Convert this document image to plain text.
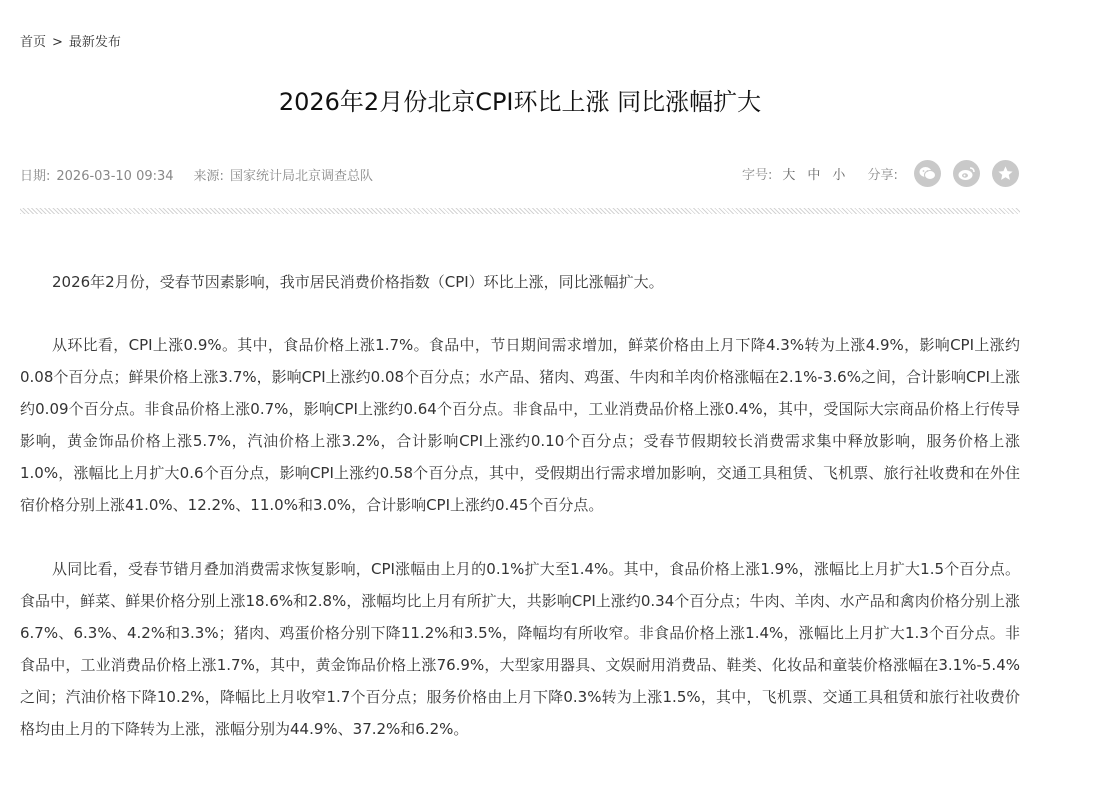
首页 > 最新发布
2026年2月份北京CPI环比上涨 同比涨幅扩大
日期: 2026-03-10 09:34 来源: 国家统计局北京调查总队	字号: 大 中 小 分享:

2026年2月份，受春节因素影响，我市居民消费价格指数（CPI）环比上涨，同比涨幅扩大。

从环比看，CPI上涨0.9%。其中，食品价格上涨1.7%。食品中，节日期间需求增加，鲜菜价格由上月下降4.3%转为上涨4.9%，影响CPI上涨约0.08个百分点；鲜果价格上涨3.7%，影响CPI上涨约0.08个百分点；水产品、猪肉、鸡蛋、牛肉和羊肉价格涨幅在2.1%-3.6%之间，合计影响CPI上涨约0.09个百分点。非食品价格上涨0.7%，影响CPI上涨约0.64个百分点。非食品中，工业消费品价格上涨0.4%，其中，受国际大宗商品价格上行传导影响，黄金饰品价格上涨5.7%，汽油价格上涨3.2%，合计影响CPI上涨约0.10个百分点；受春节假期较长消费需求集中释放影响，服务价格上涨1.0%，涨幅比上月扩大0.6个百分点，影响CPI上涨约0.58个百分点，其中，受假期出行需求增加影响，交通工具租赁、飞机票、旅行社收费和在外住宿价格分别上涨41.0%、12.2%、11.0%和3.0%，合计影响CPI上涨约0.45个百分点。

从同比看，受春节错月叠加消费需求恢复影响，CPI涨幅由上月的0.1%扩大至1.4%。其中，食品价格上涨1.9%，涨幅比上月扩大1.5个百分点。食品中，鲜菜、鲜果价格分别上涨18.6%和2.8%，涨幅均比上月有所扩大，共影响CPI上涨约0.34个百分点；牛肉、羊肉、水产品和禽肉价格分别上涨6.7%、6.3%、4.2%和3.3%；猪肉、鸡蛋价格分别下降11.2%和3.5%，降幅均有所收窄。非食品价格上涨1.4%，涨幅比上月扩大1.3个百分点。非食品中，工业消费品价格上涨1.7%，其中，黄金饰品价格上涨76.9%，大型家用器具、文娱耐用消费品、鞋类、化妆品和童装价格涨幅在3.1%-5.4%之间；汽油价格下降10.2%，降幅比上月收窄1.7个百分点；服务价格由上月下降0.3%转为上涨1.5%，其中，飞机票、交通工具租赁和旅行社收费价格均由上月的下降转为上涨，涨幅分别为44.9%、37.2%和6.2%。
